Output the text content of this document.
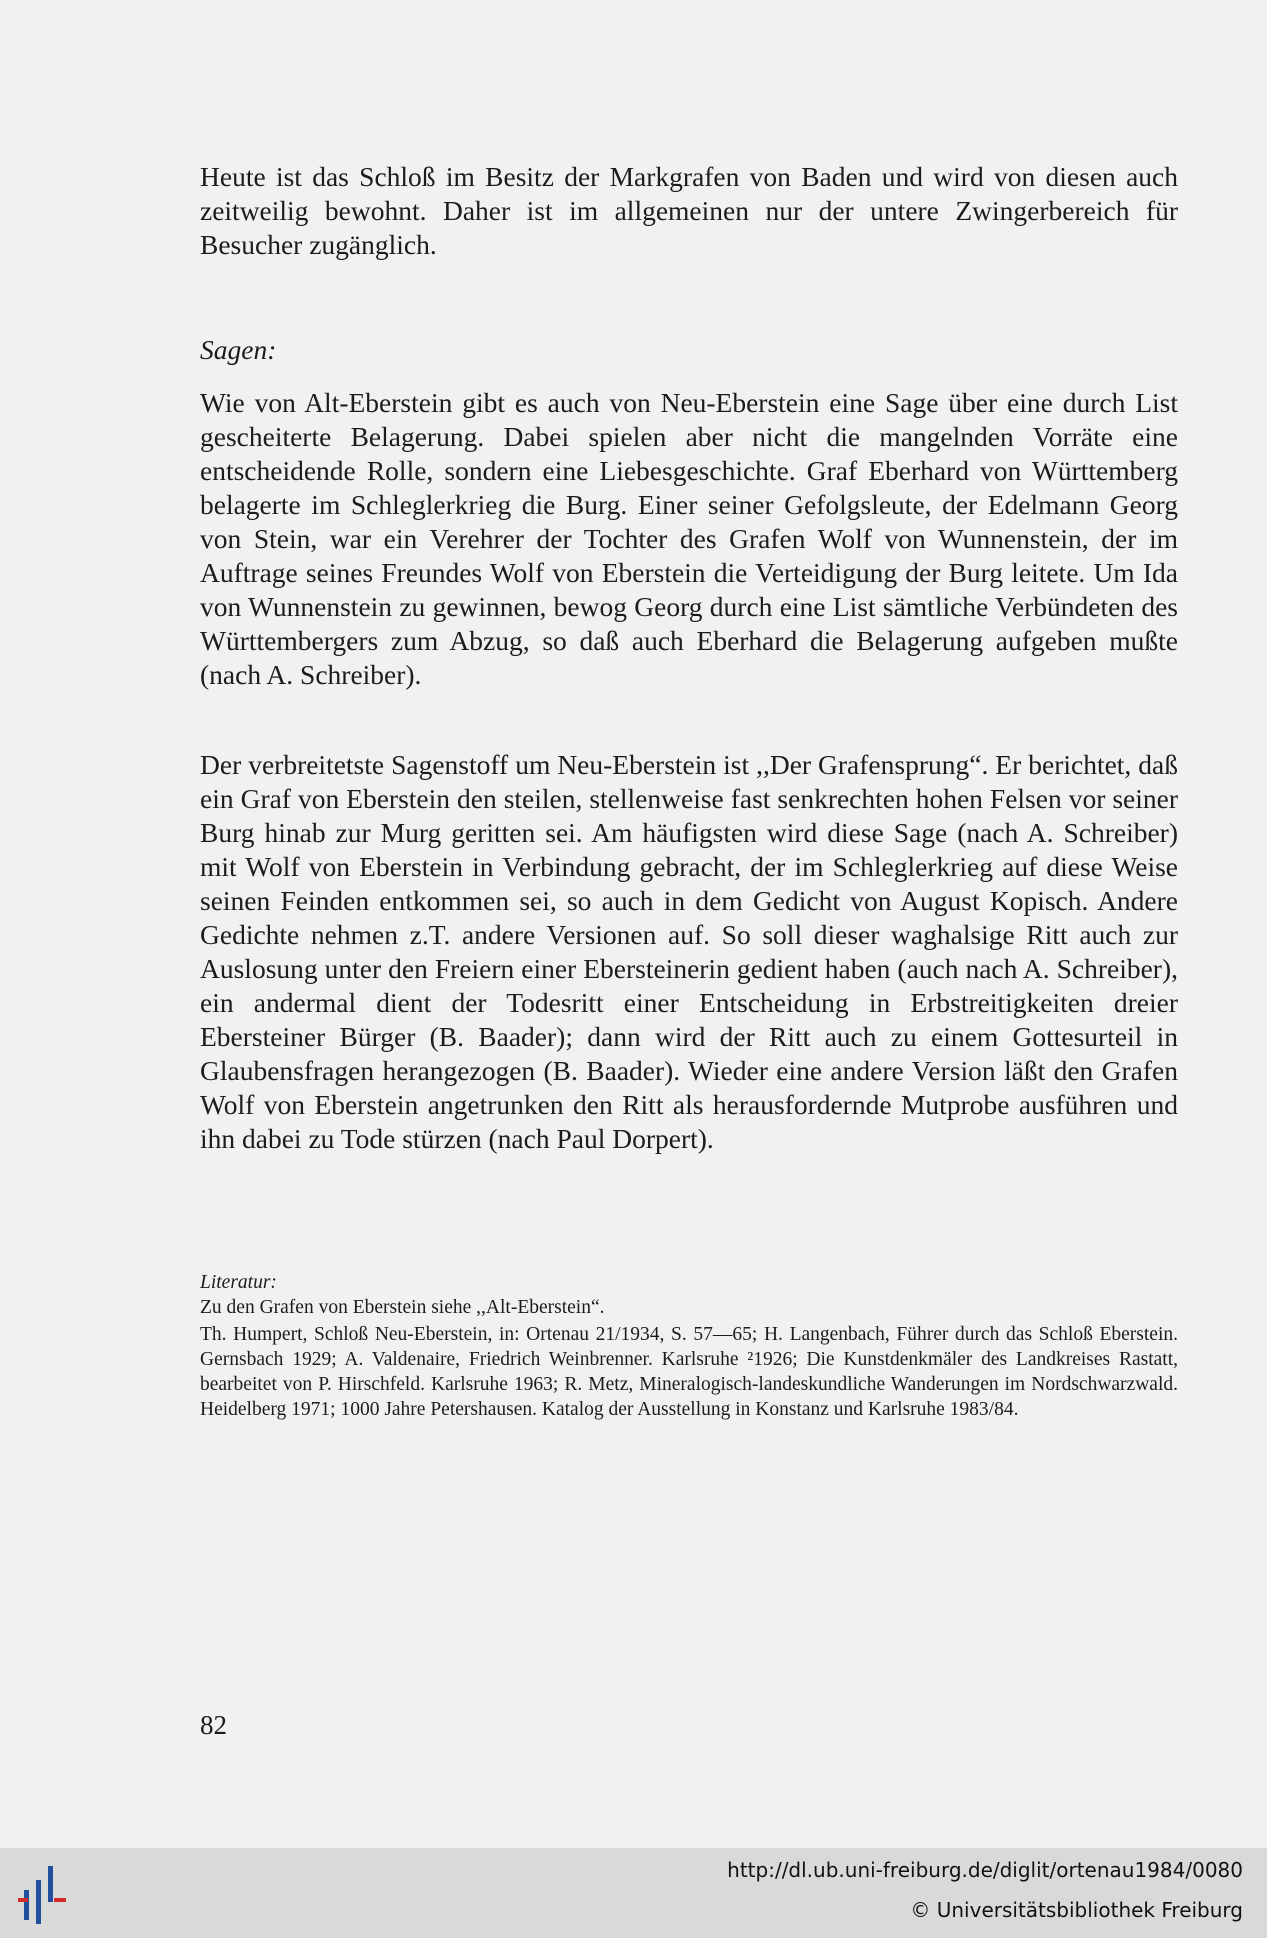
Heute ist das Schloß im Besitz der Markgrafen von Baden und wird von diesen auch zeitweilig bewohnt. Daher ist im allgemeinen nur der untere Zwingerbereich für Besucher zugänglich.

Sagen:

Wie von Alt-Eberstein gibt es auch von Neu-Eberstein eine Sage über eine durch List gescheiterte Belagerung. Dabei spielen aber nicht die mangelnden Vorräte eine entscheidende Rolle, sondern eine Liebesgeschichte. Graf Eberhard von Württemberg belagerte im Schleglerkrieg die Burg. Einer seiner Gefolgsleute, der Edelmann Georg von Stein, war ein Verehrer der Tochter des Grafen Wolf von Wunnenstein, der im Auftrage seines Freundes Wolf von Eberstein die Verteidigung der Burg leitete. Um Ida von Wunnenstein zu gewinnen, bewog Georg durch eine List sämtliche Verbündeten des Württembergers zum Abzug, so daß auch Eberhard die Belagerung aufgeben mußte (nach A. Schreiber).

Der verbreitetste Sagenstoff um Neu-Eberstein ist ,,Der Grafensprung“. Er berichtet, daß ein Graf von Eberstein den steilen, stellenweise fast senkrechten hohen Felsen vor seiner Burg hinab zur Murg geritten sei. Am häufigsten wird diese Sage (nach A. Schreiber) mit Wolf von Eberstein in Verbindung gebracht, der im Schleglerkrieg auf diese Weise seinen Feinden entkommen sei, so auch in dem Gedicht von August Kopisch. Andere Gedichte nehmen z.T. andere Versionen auf. So soll dieser waghalsige Ritt auch zur Auslosung unter den Freiern einer Ebersteinerin gedient haben (auch nach A. Schreiber), ein andermal dient der Todesritt einer Entscheidung in Erbstreitigkeiten dreier Ebersteiner Bürger (B. Baader); dann wird der Ritt auch zu einem Gottesurteil in Glaubensfragen herangezogen (B. Baader). Wieder eine andere Version läßt den Grafen Wolf von Eberstein angetrunken den Ritt als herausfordernde Mutprobe ausführen und ihn dabei zu Tode stürzen (nach Paul Dorpert).

Literatur:
Zu den Grafen von Eberstein siehe ,,Alt-Eberstein“.
Th. Humpert, Schloß Neu-Eberstein, in: Ortenau 21/1934, S. 57—65; H. Langenbach, Führer durch das Schloß Eberstein. Gernsbach 1929; A. Valdenaire, Friedrich Weinbrenner. Karlsruhe ²1926; Die Kunstdenkmäler des Landkreises Rastatt, bearbeitet von P. Hirschfeld. Karlsruhe 1963; R. Metz, Mineralogisch-landeskundliche Wanderungen im Nordschwarzwald. Heidelberg 1971; 1000 Jahre Petershausen. Katalog der Ausstellung in Konstanz und Karlsruhe 1983/84.
82
http://dl.ub.uni-freiburg.de/diglit/ortenau1984/0080
© Universitätsbibliothek Freiburg
